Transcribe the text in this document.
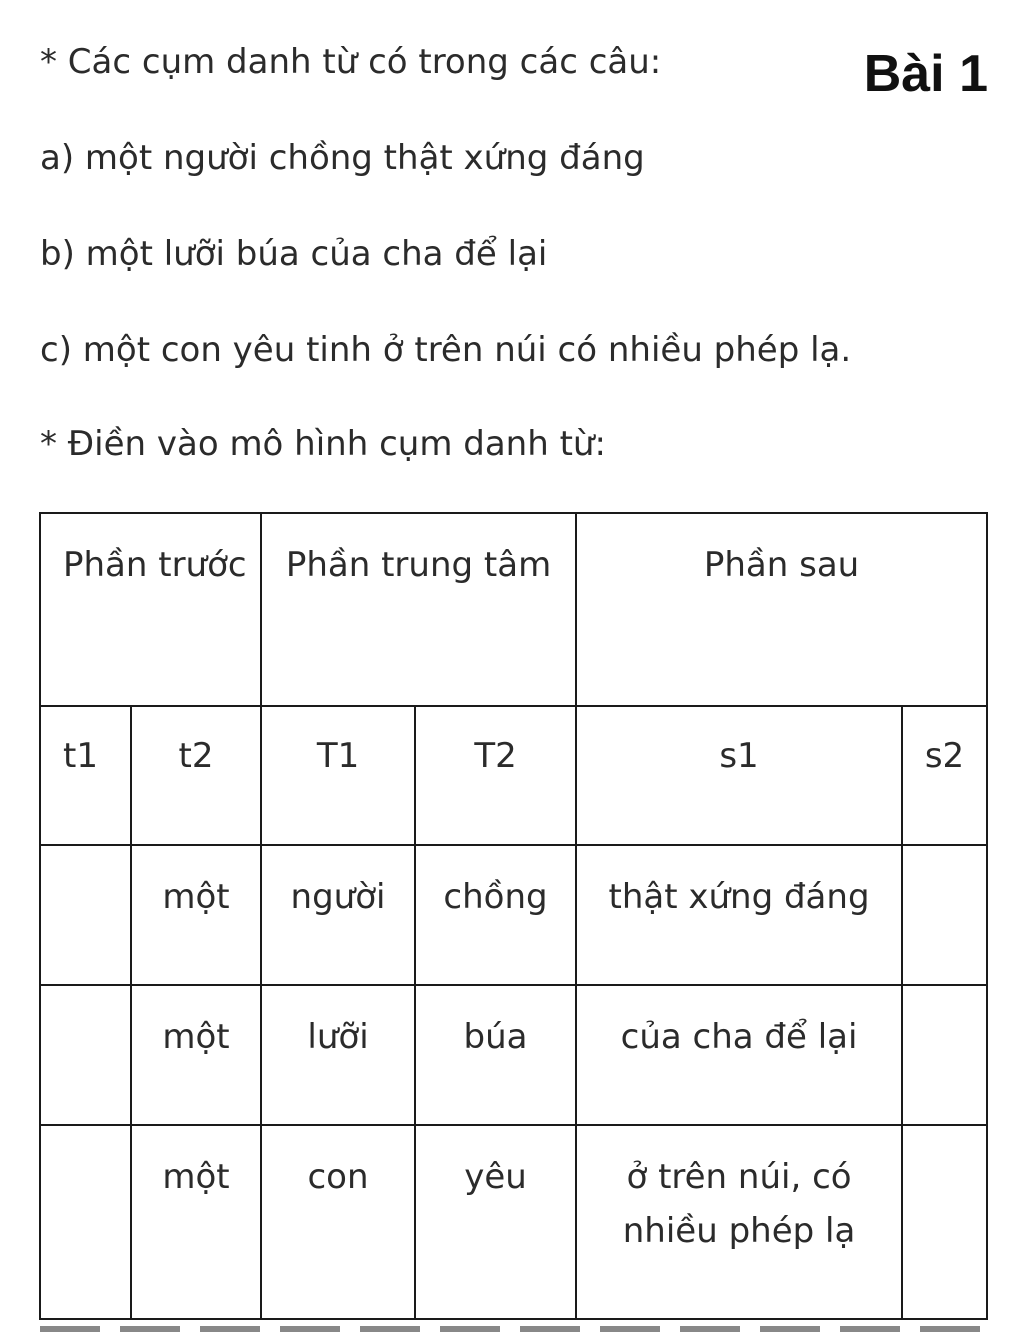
* Các cụm danh từ có trong các câu:	Bài 1
a) một người chồng thật xứng đáng
b) một lưỡi búa của cha để lại
c) một con yêu tinh ở trên núi có nhiều phép lạ.
* Điền vào mô hình cụm danh từ:
Phần trước		Phần trung tâm		Phần sau	
t1	t2	T1	T2	s1	s2
	một	người	chồng	thật xứng đáng	
	một	lưỡi	búa	của cha để lại	
	một	con	yêu	ở trên núi, có nhiều phép lạ	
